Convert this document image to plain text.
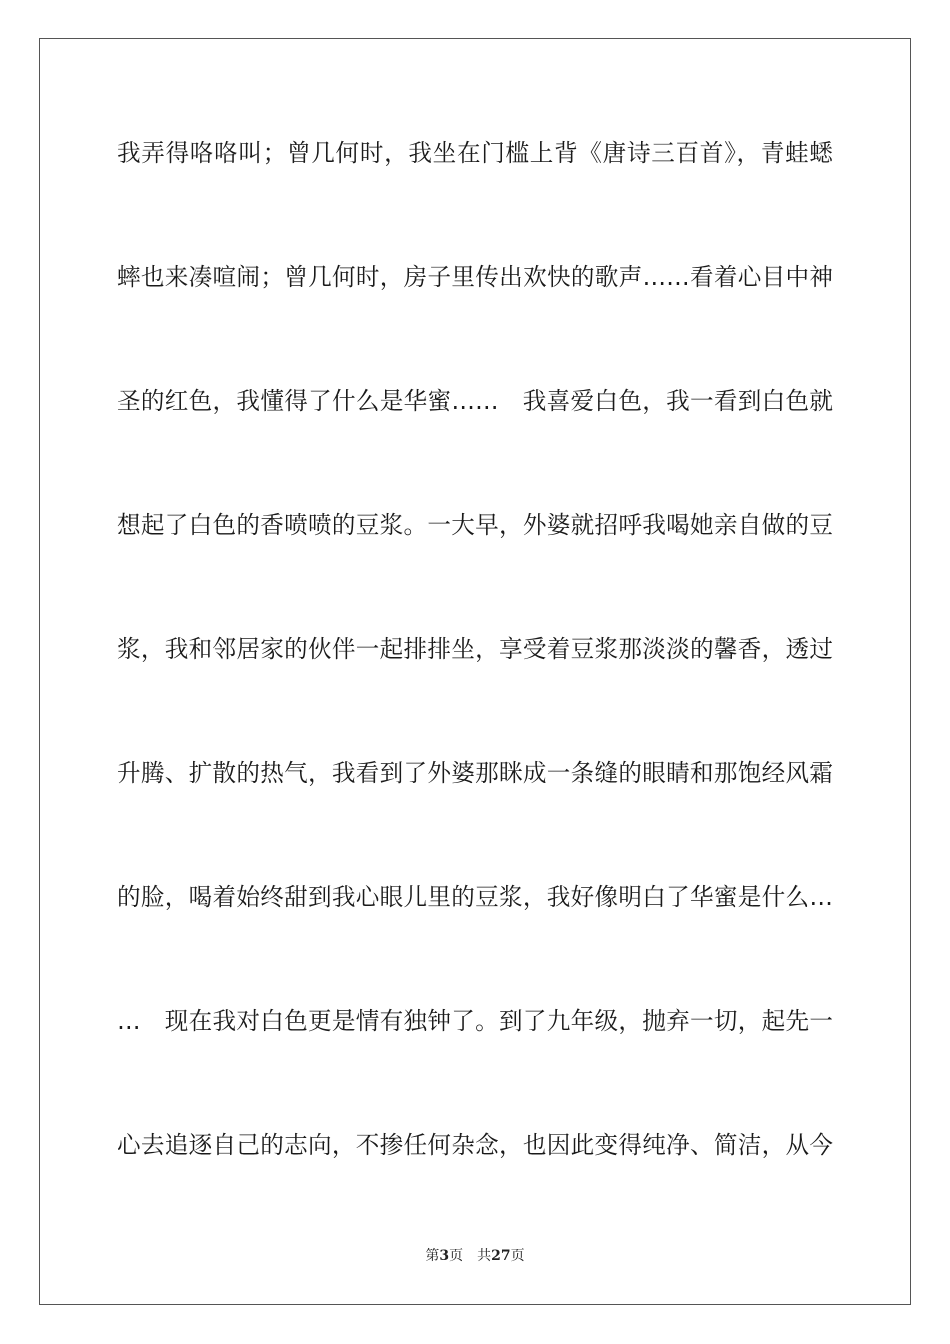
我弄得咯咯叫；曾几何时，我坐在门槛上背《唐诗三百首》，青蛙蟋
蟀也来凑喧闹；曾几何时，房子里传出欢快的歌声……看着心目中神
圣的红色，我懂得了什么是华蜜……　我喜爱白色，我一看到白色就
想起了白色的香喷喷的豆浆。一大早，外婆就招呼我喝她亲自做的豆
浆，我和邻居家的伙伴一起排排坐，享受着豆浆那淡淡的馨香，透过
升腾、扩散的热气，我看到了外婆那眯成一条缝的眼睛和那饱经风霜
的脸，喝着始终甜到我心眼儿里的豆浆，我好像明白了华蜜是什么…
…　现在我对白色更是情有独钟了。到了九年级，抛弃一切，起先一
心去追逐自己的志向，不掺任何杂念，也因此变得纯净、简洁，从今
第3页 共27页
